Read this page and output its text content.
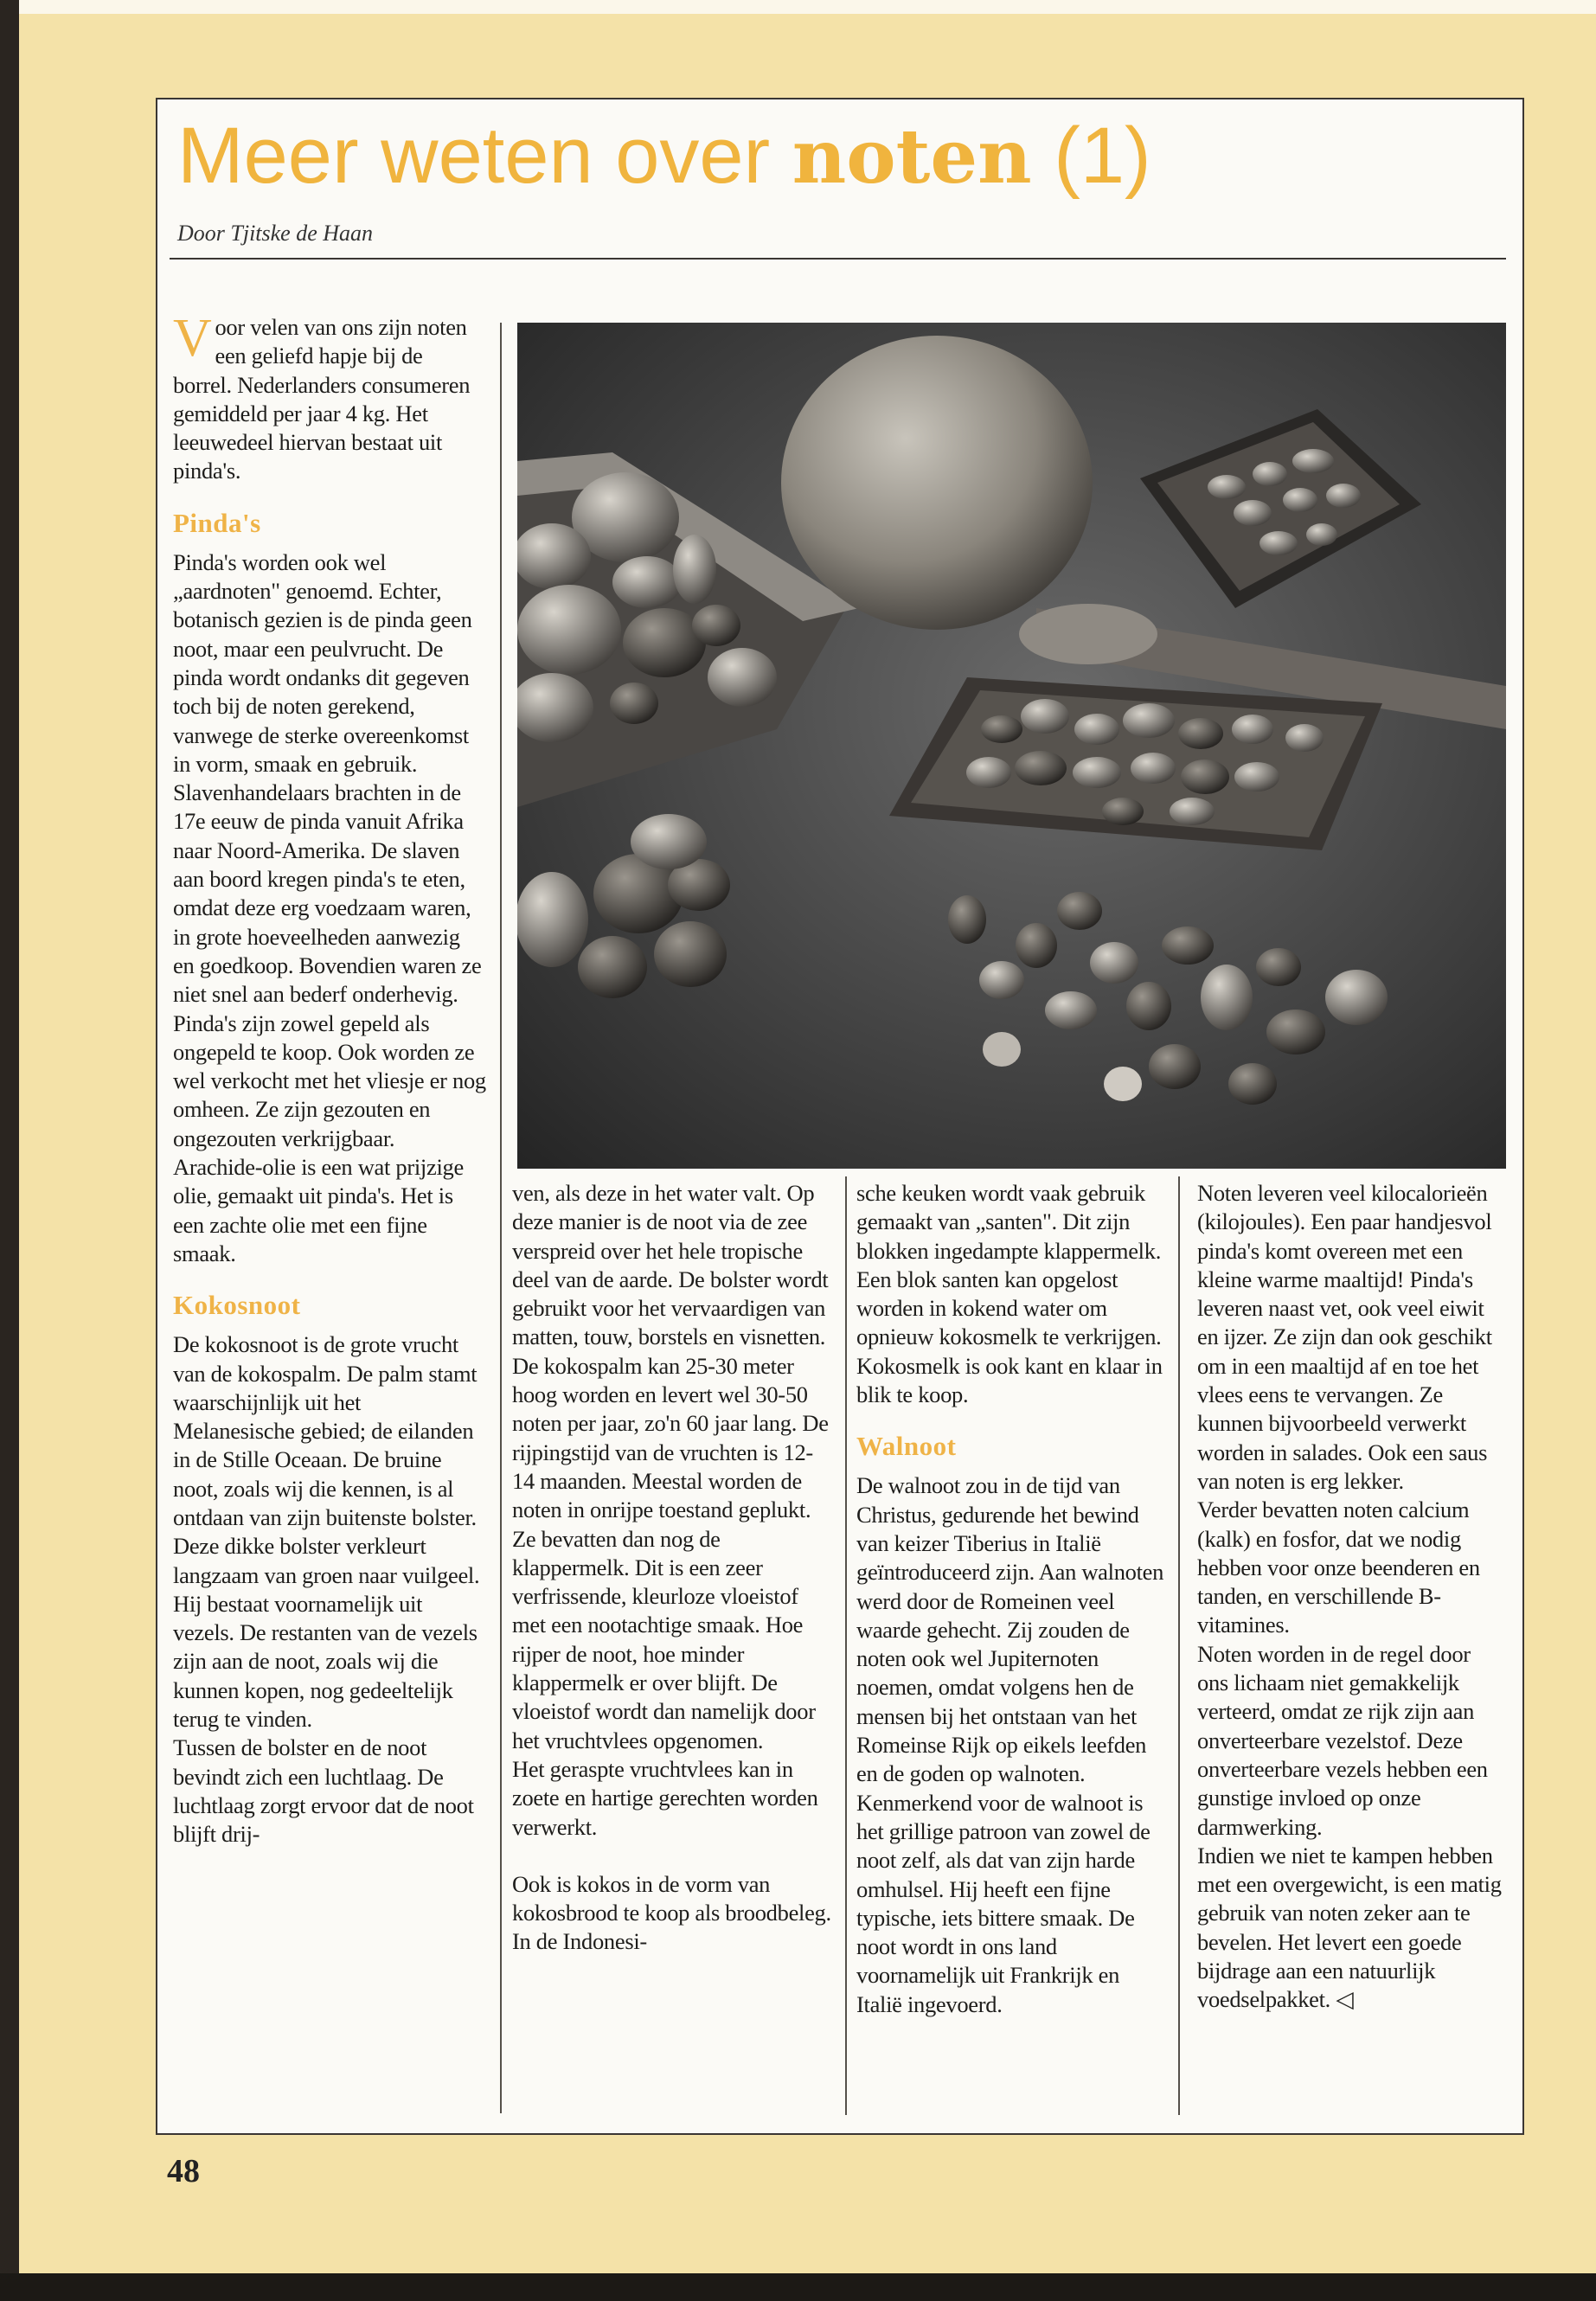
Meer weten over noten (1)
Door Tjitske de Haan

Voor velen van ons zijn noten een geliefd hapje bij de borrel. Nederlanders consumeren gemiddeld per jaar 4 kg. Het leeuwedeel hiervan bestaat uit pinda's.

Pinda's

Pinda's worden ook wel „aardnoten" genoemd. Echter, botanisch gezien is de pinda geen noot, maar een peulvrucht. De pinda wordt ondanks dit gegeven toch bij de noten gerekend, vanwege de sterke overeenkomst in vorm, smaak en gebruik.

Slavenhandelaars brachten in de 17e eeuw de pinda vanuit Afrika naar Noord-Amerika. De slaven aan boord kregen pinda's te eten, omdat deze erg voedzaam waren, in grote hoeveelheden aanwezig en goedkoop. Bovendien waren ze niet snel aan bederf onderhevig.

Pinda's zijn zowel gepeld als ongepeld te koop. Ook worden ze wel verkocht met het vliesje er nog omheen. Ze zijn gezouten en ongezouten verkrijgbaar. Arachide-olie is een wat prijzige olie, gemaakt uit pinda's. Het is een zachte olie met een fijne smaak.

Kokosnoot

De kokosnoot is de grote vrucht van de kokospalm. De palm stamt waarschijnlijk uit het Melanesische gebied; de eilanden in de Stille Oceaan. De bruine noot, zoals wij die kennen, is al ontdaan van zijn buitenste bolster. Deze dikke bolster verkleurt langzaam van groen naar vuilgeel. Hij bestaat voornamelijk uit vezels. De restanten van de vezels zijn aan de noot, zoals wij die kunnen kopen, nog gedeeltelijk terug te vinden.

Tussen de bolster en de noot bevindt zich een luchtlaag. De luchtlaag zorgt ervoor dat de noot blijft drij-

ven, als deze in het water valt. Op deze manier is de noot via de zee verspreid over het hele tropische deel van de aarde. De bolster wordt gebruikt voor het vervaardigen van matten, touw, borstels en visnetten.

De kokospalm kan 25-30 meter hoog worden en levert wel 30-50 noten per jaar, zo'n 60 jaar lang. De rijpingstijd van de vruchten is 12-14 maanden. Meestal worden de noten in onrijpe toestand geplukt. Ze bevatten dan nog de klappermelk. Dit is een zeer verfrissende, kleurloze vloeistof met een nootachtige smaak. Hoe rijper de noot, hoe minder klappermelk er over blijft. De vloeistof wordt dan namelijk door het vruchtvlees opgenomen.

Het geraspte vruchtvlees kan in zoete en hartige gerechten worden verwerkt.

Ook is kokos in de vorm van kokosbrood te koop als broodbeleg. In de Indonesi-

sche keuken wordt vaak gebruik gemaakt van „santen". Dit zijn blokken ingedampte klappermelk. Een blok santen kan opgelost worden in kokend water om opnieuw kokosmelk te verkrijgen. Kokosmelk is ook kant en klaar in blik te koop.

Walnoot

De walnoot zou in de tijd van Christus, gedurende het bewind van keizer Tiberius in Italië geïntroduceerd zijn. Aan walnoten werd door de Romeinen veel waarde gehecht. Zij zouden de noten ook wel Jupiternoten noemen, omdat volgens hen de mensen bij het ontstaan van het Romeinse Rijk op eikels leefden en de goden op walnoten.

Kenmerkend voor de walnoot is het grillige patroon van zowel de noot zelf, als dat van zijn harde omhulsel. Hij heeft een fijne typische, iets bittere smaak. De noot wordt in ons land voornamelijk uit Frankrijk en Italië ingevoerd.

Noten leveren veel kilocalorieën (kilojoules). Een paar handjesvol pinda's komt overeen met een kleine warme maaltijd! Pinda's leveren naast vet, ook veel eiwit en ijzer. Ze zijn dan ook geschikt om in een maaltijd af en toe het vlees eens te vervangen. Ze kunnen bijvoorbeeld verwerkt worden in salades. Ook een saus van noten is erg lekker.

Verder bevatten noten calcium (kalk) en fosfor, dat we nodig hebben voor onze beenderen en tanden, en verschillende B-vitamines.

Noten worden in de regel door ons lichaam niet gemakkelijk verteerd, omdat ze rijk zijn aan onverteerbare vezelstof. Deze onverteerbare vezels hebben een gunstige invloed op onze darmwerking.

Indien we niet te kampen hebben met een overgewicht, is een matig gebruik van noten zeker aan te bevelen. Het levert een goede bijdrage aan een natuurlijk voedselpakket. ◁

48
